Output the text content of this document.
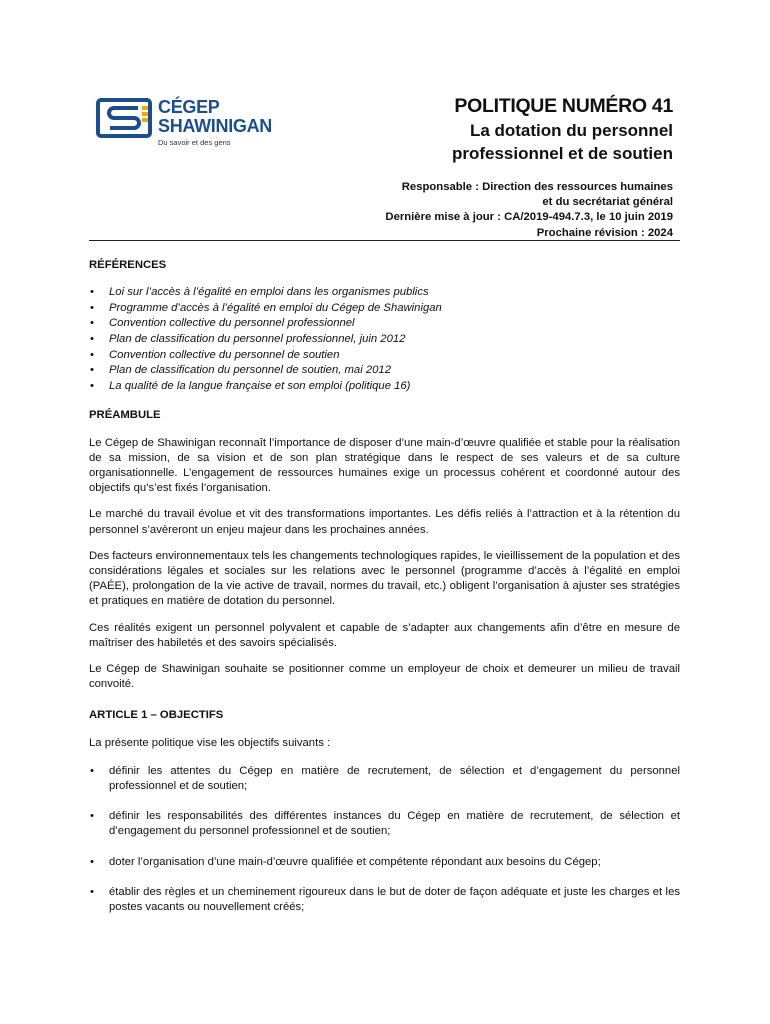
CÉGEP
SHAWINIGAN
Du savoir et des gens
POLITIQUE NUMÉRO 41
La dotation du personnel
professionnel et de soutien
Responsable : Direction des ressources humaines
et du secrétariat général
Dernière mise à jour : CA/2019-494.7.3, le 10 juin 2019
Prochaine révision : 2024
RÉFÉRENCES
• Loi sur l’accès à l’égalité en emploi dans les organismes publics
• Programme d’accès à l’égalité en emploi du Cégep de Shawinigan
• Convention collective du personnel professionnel
• Plan de classification du personnel professionnel, juin 2012
• Convention collective du personnel de soutien
• Plan de classification du personnel de soutien, mai 2012
• La qualité de la langue française et son emploi (politique 16)
PRÉAMBULE

Le Cégep de Shawinigan reconnaît l’importance de disposer d’une main-d’œuvre qualifiée et stable pour la réalisation de sa mission, de sa vision et de son plan stratégique dans le respect de ses valeurs et de sa culture organisationnelle. L’engagement de ressources humaines exige un processus cohérent et coordonné autour des objectifs qu’s’est fixés l’organisation.

Le marché du travail évolue et vit des transformations importantes. Les défis reliés à l’attraction et à la rétention du personnel s’avèreront un enjeu majeur dans les prochaines années.

Des facteurs environnementaux tels les changements technologiques rapides, le vieillissement de la population et des considérations légales et sociales sur les relations avec le personnel (programme d’accès à l’égalité en emploi (PAÉE), prolongation de la vie active de travail, normes du travail, etc.) obligent l’organisation à ajuster ses stratégies et pratiques en matière de dotation du personnel.

Ces réalités exigent un personnel polyvalent et capable de s’adapter aux changements afin d’être en mesure de maîtriser des habiletés et des savoirs spécialisés.

Le Cégep de Shawinigan souhaite se positionner comme un employeur de choix et demeurer un milieu de travail convoité.

ARTICLE 1 – OBJECTIFS

La présente politique vise les objectifs suivants :

• définir les attentes du Cégep en matière de recrutement, de sélection et d’engagement du personnel professionnel et de soutien;
• définir les responsabilités des différentes instances du Cégep en matière de recrutement, de sélection et d’engagement du personnel professionnel et de soutien;
• doter l’organisation d’une main-d’œuvre qualifiée et compétente répondant aux besoins du Cégep;
• établir des règles et un cheminement rigoureux dans le but de doter de façon adéquate et juste les charges et les postes vacants ou nouvellement créés;
